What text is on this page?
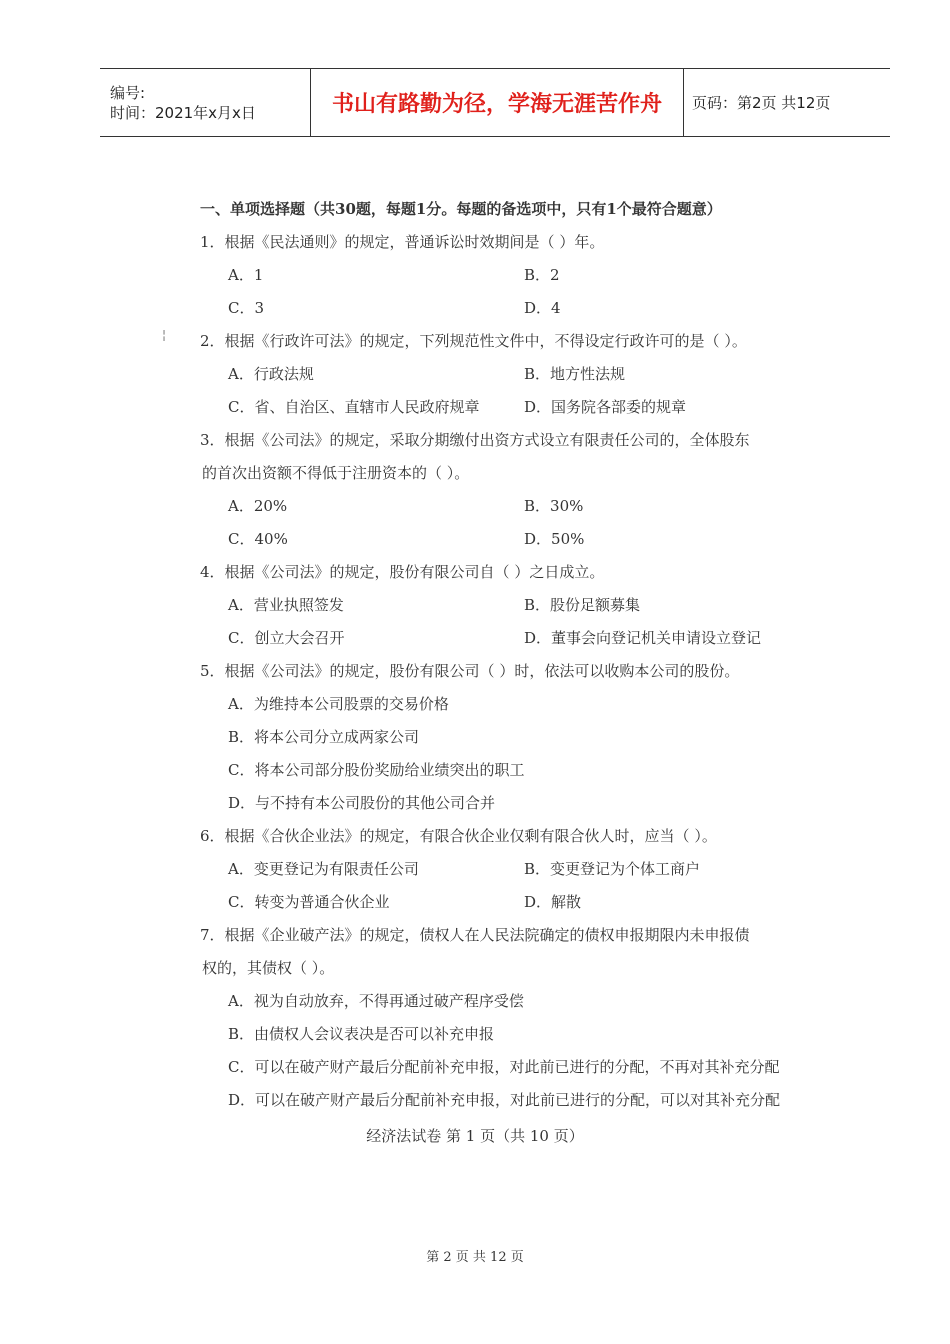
编号:
时间：2021年x月x日	书山有路勤为径，学海无涯苦作舟	页码：第2页 共12页
¦
一、单项选择题（共30题，每题1分。每题的备选项中，只有1个最符合题意）
1．根据《民法通则》的规定，普通诉讼时效期间是（ ）年。
A．1	B．2
C．3	D．4
2．根据《行政许可法》的规定，下列规范性文件中，不得设定行政许可的是（ ）。
A．行政法规	B．地方性法规
C．省、自治区、直辖市人民政府规章	D．国务院各部委的规章
3．根据《公司法》的规定，采取分期缴付出资方式设立有限责任公司的，全体股东
的首次出资额不得低于注册资本的（ ）。
A．20%	B．30%
C．40%	D．50%
4．根据《公司法》的规定，股份有限公司自（ ）之日成立。
A．营业执照签发	B．股份足额募集
C．创立大会召开	D．董事会向登记机关申请设立登记
5．根据《公司法》的规定，股份有限公司（ ）时，依法可以收购本公司的股份。
A．为维持本公司股票的交易价格
B．将本公司分立成两家公司
C．将本公司部分股份奖励给业绩突出的职工
D．与不持有本公司股份的其他公司合并
6．根据《合伙企业法》的规定，有限合伙企业仅剩有限合伙人时，应当（ ）。
A．变更登记为有限责任公司	B．变更登记为个体工商户
C．转变为普通合伙企业	D．解散
7．根据《企业破产法》的规定，债权人在人民法院确定的债权申报期限内未申报债
权的，其债权（ ）。
A．视为自动放弃，不得再通过破产程序受偿
B．由债权人会议表决是否可以补充申报
C．可以在破产财产最后分配前补充申报，对此前已进行的分配，不再对其补充分配
D．可以在破产财产最后分配前补充申报，对此前已进行的分配，可以对其补充分配
经济法试卷 第 1 页（共 10 页）
第 2 页 共 12 页
